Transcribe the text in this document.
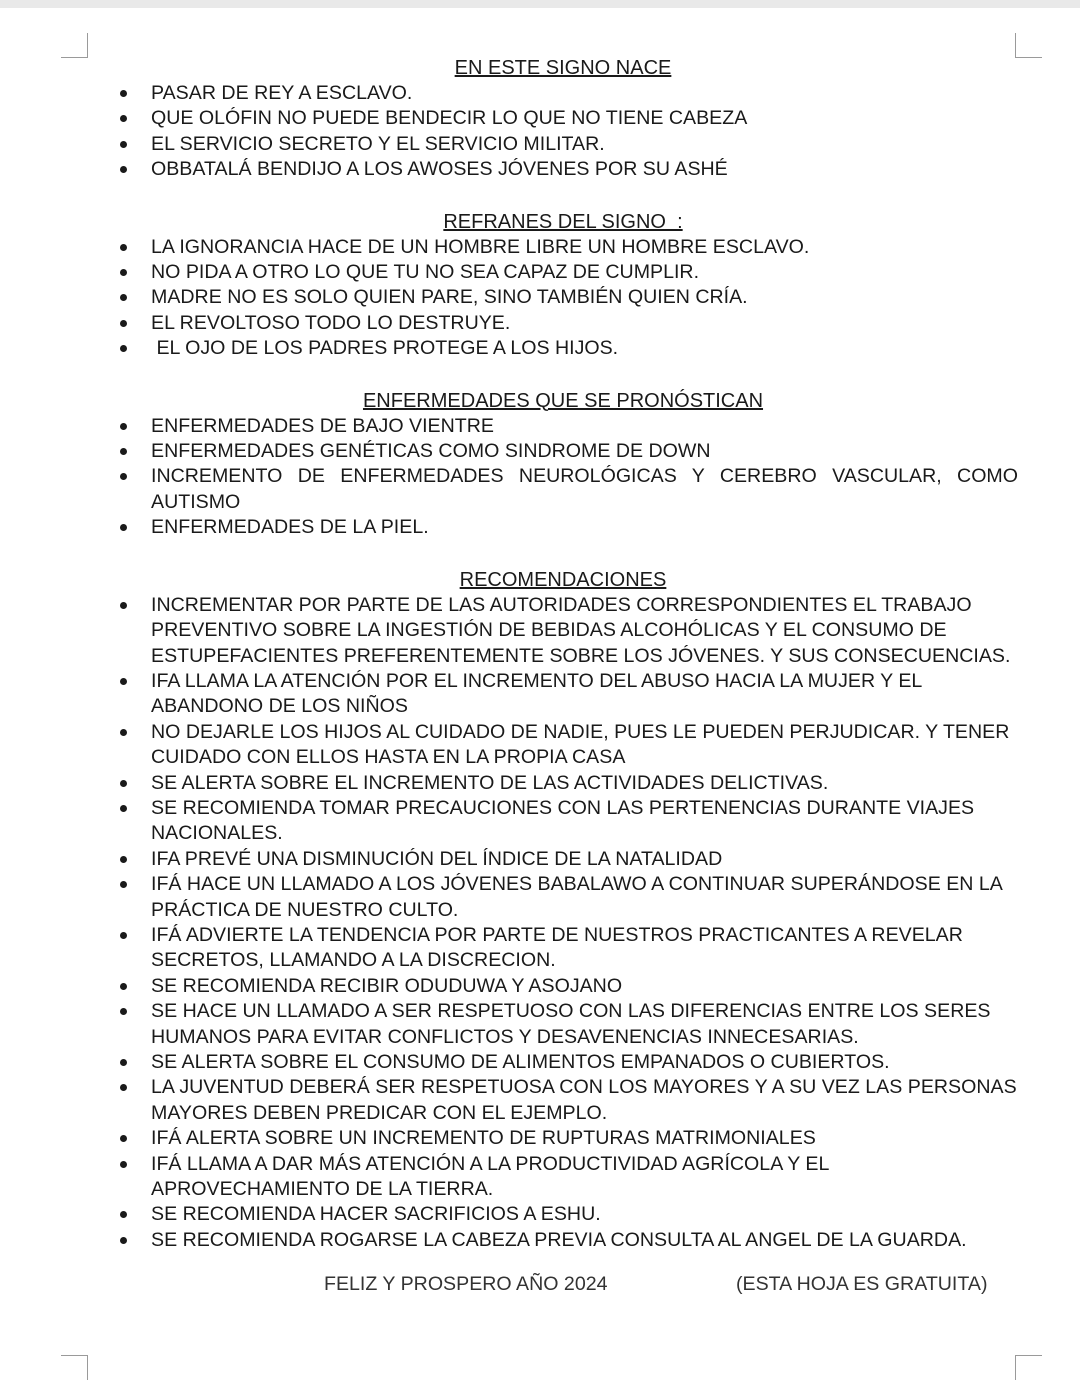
EN ESTE SIGNO NACE
PASAR DE REY A ESCLAVO.
QUE OLÓFIN NO PUEDE BENDECIR LO QUE NO TIENE CABEZA
EL SERVICIO SECRETO Y EL SERVICIO MILITAR.
OBBATALÁ BENDIJO A LOS AWOSES JÓVENES POR SU ASHÉ
REFRANES DEL SIGNO  :
LA IGNORANCIA HACE DE UN HOMBRE LIBRE UN HOMBRE ESCLAVO.
NO PIDA A OTRO LO QUE TU NO SEA CAPAZ DE CUMPLIR.
MADRE NO ES SOLO QUIEN PARE, SINO TAMBIÉN QUIEN CRÍA.
EL REVOLTOSO TODO LO DESTRUYE.
EL OJO DE LOS PADRES PROTEGE A LOS HIJOS.
ENFERMEDADES QUE SE PRONÓSTICAN
ENFERMEDADES DE BAJO VIENTRE
ENFERMEDADES GENÉTICAS COMO SINDROME DE DOWN
INCREMENTO DE ENFERMEDADES NEUROLÓGICAS Y CEREBRO VASCULAR, COMO AUTISMO
ENFERMEDADES DE LA PIEL.
RECOMENDACIONES
INCREMENTAR POR PARTE DE LAS AUTORIDADES CORRESPONDIENTES EL TRABAJO PREVENTIVO SOBRE LA INGESTIÓN DE BEBIDAS ALCOHÓLICAS Y EL CONSUMO DE ESTUPEFACIENTES PREFERENTEMENTE SOBRE LOS JÓVENES. Y SUS CONSECUENCIAS.
IFA LLAMA LA ATENCIÓN POR EL INCREMENTO DEL ABUSO HACIA LA MUJER Y EL ABANDONO DE LOS NIÑOS
NO DEJARLE LOS HIJOS AL CUIDADO DE NADIE, PUES LE PUEDEN PERJUDICAR. Y TENER CUIDADO CON ELLOS HASTA EN LA PROPIA CASA
SE ALERTA SOBRE EL INCREMENTO DE LAS ACTIVIDADES DELICTIVAS.
SE RECOMIENDA TOMAR PRECAUCIONES CON LAS PERTENENCIAS DURANTE VIAJES NACIONALES.
IFA PREVÉ UNA DISMINUCIÓN DEL ÍNDICE DE LA NATALIDAD
IFÁ HACE UN LLAMADO A LOS JÓVENES BABALAWO A CONTINUAR SUPERÁNDOSE EN LA PRÁCTICA DE NUESTRO CULTO.
IFÁ ADVIERTE LA TENDENCIA POR PARTE DE NUESTROS PRACTICANTES A REVELAR SECRETOS, LLAMANDO A LA DISCRECION.
SE RECOMIENDA RECIBIR ODUDUWA Y ASOJANO
SE HACE UN LLAMADO A SER RESPETUOSO CON LAS DIFERENCIAS ENTRE LOS SERES HUMANOS PARA EVITAR CONFLICTOS Y DESAVENENCIAS INNECESARIAS.
SE ALERTA SOBRE EL CONSUMO DE ALIMENTOS EMPANADOS O CUBIERTOS.
LA JUVENTUD DEBERÁ SER RESPETUOSA CON LOS MAYORES Y A SU VEZ LAS PERSONAS MAYORES DEBEN PREDICAR CON EL EJEMPLO.
IFÁ ALERTA SOBRE UN INCREMENTO DE RUPTURAS MATRIMONIALES
IFÁ LLAMA A DAR MÁS ATENCIÓN A LA PRODUCTIVIDAD AGRÍCOLA Y EL APROVECHAMIENTO DE LA TIERRA.
SE RECOMIENDA HACER SACRIFICIOS A ESHU.
SE RECOMIENDA ROGARSE LA CABEZA PREVIA CONSULTA AL ANGEL DE LA GUARDA.
FELIZ Y PROSPERO AÑO 2024	(ESTA HOJA ES GRATUITA)
